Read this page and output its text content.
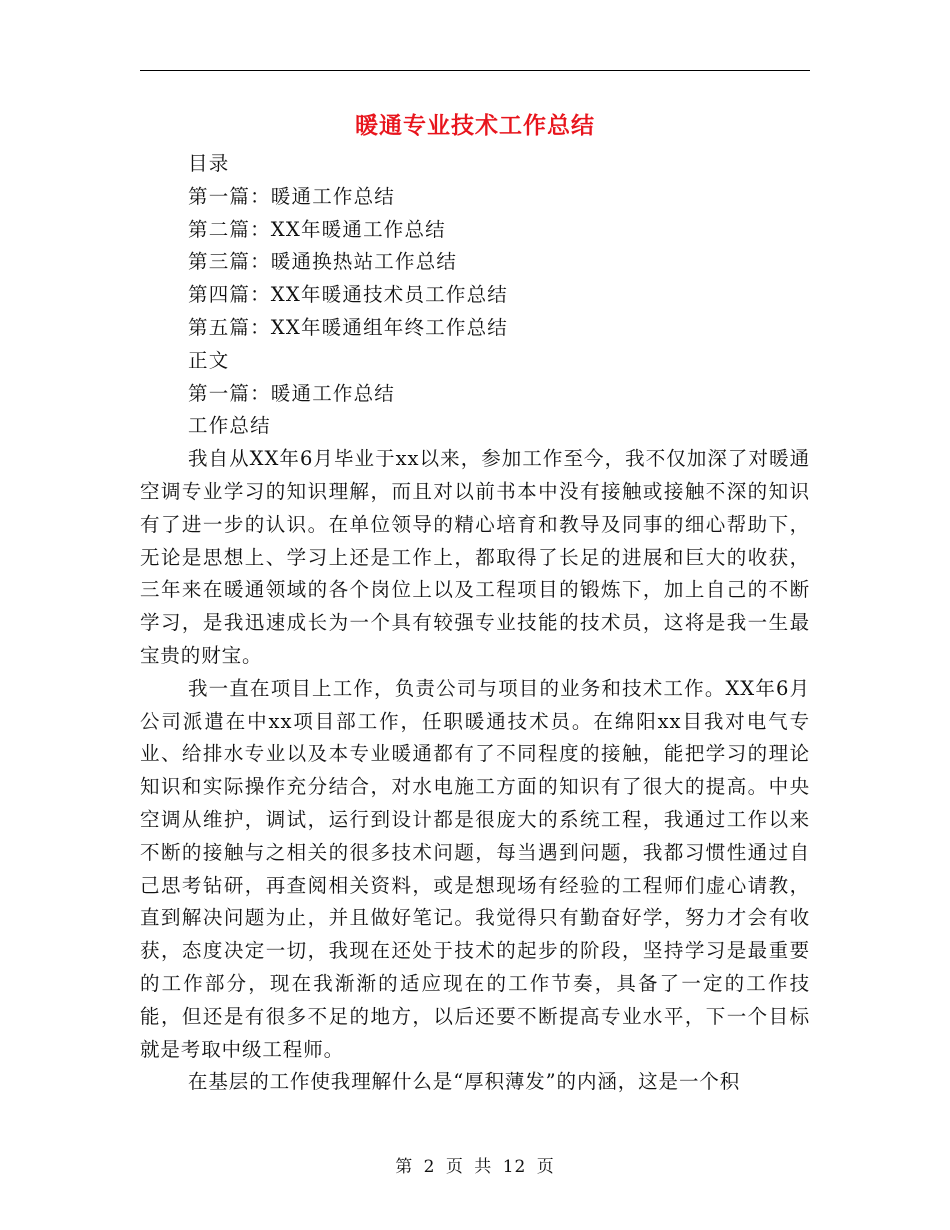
暖通专业技术工作总结

目录

第一篇：暖通工作总结

第二篇：XX年暖通工作总结

第三篇：暖通换热站工作总结

第四篇：XX年暖通技术员工作总结

第五篇：XX年暖通组年终工作总结

正文

第一篇：暖通工作总结

工作总结

我自从XX年6月毕业于xx以来，参加工作至今，我不仅加深了对暖通空调专业学习的知识理解，而且对以前书本中没有接触或接触不深的知识有了进一步的认识。在单位领导的精心培育和教导及同事的细心帮助下，无论是思想上、学习上还是工作上，都取得了长足的进展和巨大的收获，三年来在暖通领域的各个岗位上以及工程项目的锻炼下，加上自己的不断学习，是我迅速成长为一个具有较强专业技能的技术员，这将是我一生最宝贵的财宝。

我一直在项目上工作，负责公司与项目的业务和技术工作。XX年6月公司派遣在中xx项目部工作，任职暖通技术员。在绵阳xx目我对电气专业、给排水专业以及本专业暖通都有了不同程度的接触，能把学习的理论知识和实际操作充分结合，对水电施工方面的知识有了很大的提高。中央空调从维护，调试，运行到设计都是很庞大的系统工程，我通过工作以来不断的接触与之相关的很多技术问题，每当遇到问题，我都习惯性通过自己思考钻研，再查阅相关资料，或是想现场有经验的工程师们虚心请教，直到解决问题为止，并且做好笔记。我觉得只有勤奋好学，努力才会有收获，态度决定一切，我现在还处于技术的起步的阶段，坚持学习是最重要的工作部分，现在我渐渐的适应现在的工作节奏，具备了一定的工作技能，但还是有很多不足的地方，以后还要不断提高专业水平，下一个目标就是考取中级工程师。

在基层的工作使我理解什么是“厚积薄发”的内涵，这是一个积

第 2 页 共 12 页
